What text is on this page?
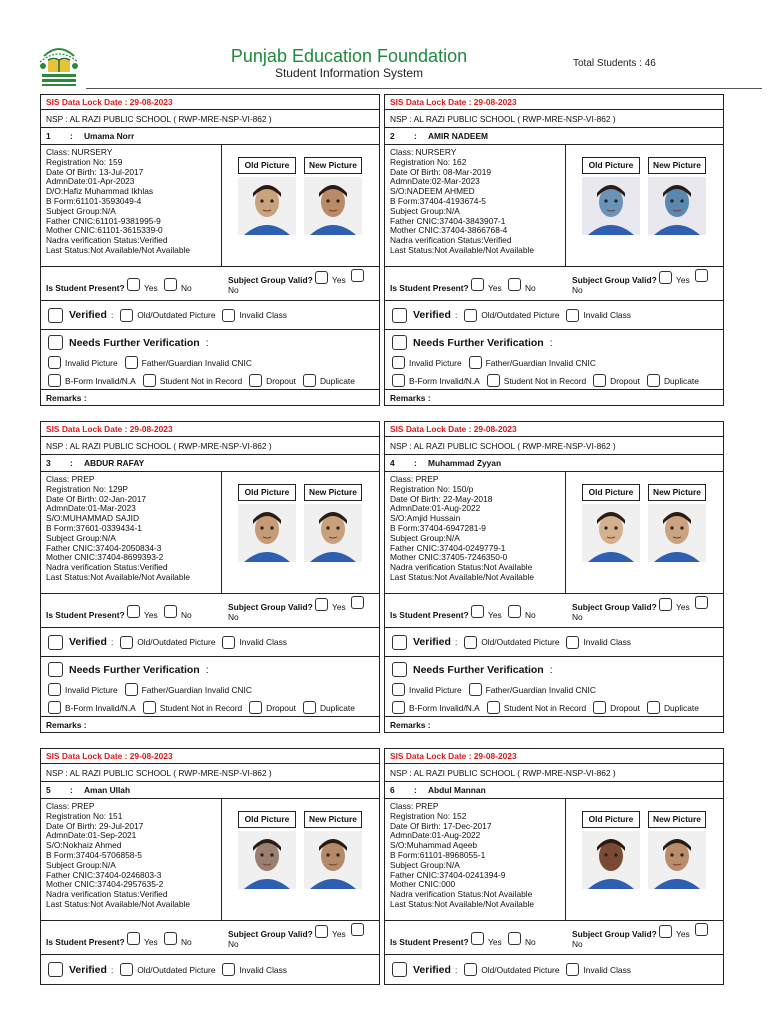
Punjab Education Foundation
Student Information System
Total Students : 46
SIS Data Lock Date : 29-08-2023
NSP : AL RAZI PUBLIC SCHOOL ( RWP-MRE-NSP-VI-862 )
1	:	Umama Norr
Class: NURSERY
Registration No: 159
Date Of Birth: 13-Jul-2017
AdmnDate:01-Apr-2023
D/O:Hafiz Muhammad Ikhlas
B Form:61101-3593049-4
Subject Group:N/A
Father CNIC:61101-9381995-9
Mother CNIC:61101-3615339-0
Nadra verification Status:Verified
Last Status:Not Available/Not Available
Old Picture	New Picture
Is Student Present? Yes	No
Subject Group Valid? Yes
No
Verified :	Old/Outdated Picture	Invalid Class
Needs Further Verification :
Invalid Picture	Father/Guardian Invalid CNIC
B-Form Invalid/N.A	Student Not in Record	Dropout	Duplicate
Remarks :
SIS Data Lock Date : 29-08-2023
NSP : AL RAZI PUBLIC SCHOOL ( RWP-MRE-NSP-VI-862 )
2	:	AMIR NADEEM
Class: NURSERY
Registration No: 162
Date Of Birth: 08-Mar-2019
AdmnDate:02-Mar-2023
S/O:NADEEM AHMED
B Form:37404-4193674-5
Subject Group:N/A
Father CNIC:37404-3843907-1
Mother CNIC:37404-3866768-4
Nadra verification Status:Verified
Last Status:Not Available/Not Available
Old Picture	New Picture
Is Student Present? Yes	No
Subject Group Valid? Yes
No
Verified :	Old/Outdated Picture	Invalid Class
Needs Further Verification :
Invalid Picture	Father/Guardian Invalid CNIC
B-Form Invalid/N.A	Student Not in Record	Dropout	Duplicate
Remarks :
SIS Data Lock Date : 29-08-2023
NSP : AL RAZI PUBLIC SCHOOL ( RWP-MRE-NSP-VI-862 )
3	:	ABDUR RAFAY
Class: PREP
Registration No: 129P
Date Of Birth: 02-Jan-2017
AdmnDate:01-Mar-2023
S/O:MUHAMMAD SAJID
B Form:37601-0339434-1
Subject Group:N/A
Father CNIC:37404-2050834-3
Mother CNIC:37404-8699393-2
Nadra verification Status:Verified
Last Status:Not Available/Not Available
Old Picture	New Picture
Is Student Present? Yes	No
Subject Group Valid? Yes
No
Verified :	Old/Outdated Picture	Invalid Class
Needs Further Verification :
Invalid Picture	Father/Guardian Invalid CNIC
B-Form Invalid/N.A	Student Not in Record	Dropout	Duplicate
Remarks :
SIS Data Lock Date : 29-08-2023
NSP : AL RAZI PUBLIC SCHOOL ( RWP-MRE-NSP-VI-862 )
4	:	Muhammad Zyyan
Class: PREP
Registration No: 150/p
Date Of Birth: 22-May-2018
AdmnDate:01-Aug-2022
S/O:Amjid Hussain
B Form:37404-6947281-9
Subject Group:N/A
Father CNIC:37404-0249779-1
Mother CNIC:37405-7246350-0
Nadra verification Status:Not Available
Last Status:Not Available/Not Available
Old Picture	New Picture
Is Student Present? Yes	No
Subject Group Valid? Yes
No
Verified :	Old/Outdated Picture	Invalid Class
Needs Further Verification :
Invalid Picture	Father/Guardian Invalid CNIC
B-Form Invalid/N.A	Student Not in Record	Dropout	Duplicate
Remarks :
SIS Data Lock Date : 29-08-2023
NSP : AL RAZI PUBLIC SCHOOL ( RWP-MRE-NSP-VI-862 )
5	:	Aman Ullah
Class: PREP
Registration No: 151
Date Of Birth: 29-Jul-2017
AdmnDate:01-Sep-2021
S/O:Nokhaiz Ahmed
B Form:37404-5706858-5
Subject Group:N/A
Father CNIC:37404-0246803-3
Mother CNIC:37404-2957635-2
Nadra verification Status:Verified
Last Status:Not Available/Not Available
Old Picture	New Picture
Is Student Present? Yes	No
Subject Group Valid? Yes
No
Verified :	Old/Outdated Picture	Invalid Class
SIS Data Lock Date : 29-08-2023
NSP : AL RAZI PUBLIC SCHOOL ( RWP-MRE-NSP-VI-862 )
6	:	Abdul Mannan
Class: PREP
Registration No: 152
Date Of Birth: 17-Dec-2017
AdmnDate:01-Aug-2022
S/O:Muhammad Aqeeb
B Form:61101-8968055-1
Subject Group:N/A
Father CNIC:37404-0241394-9
Mother CNIC:000
Nadra verification Status:Not Available
Last Status:Not Available/Not Available
Old Picture	New Picture
Is Student Present? Yes	No
Subject Group Valid? Yes
No
Verified :	Old/Outdated Picture	Invalid Class
